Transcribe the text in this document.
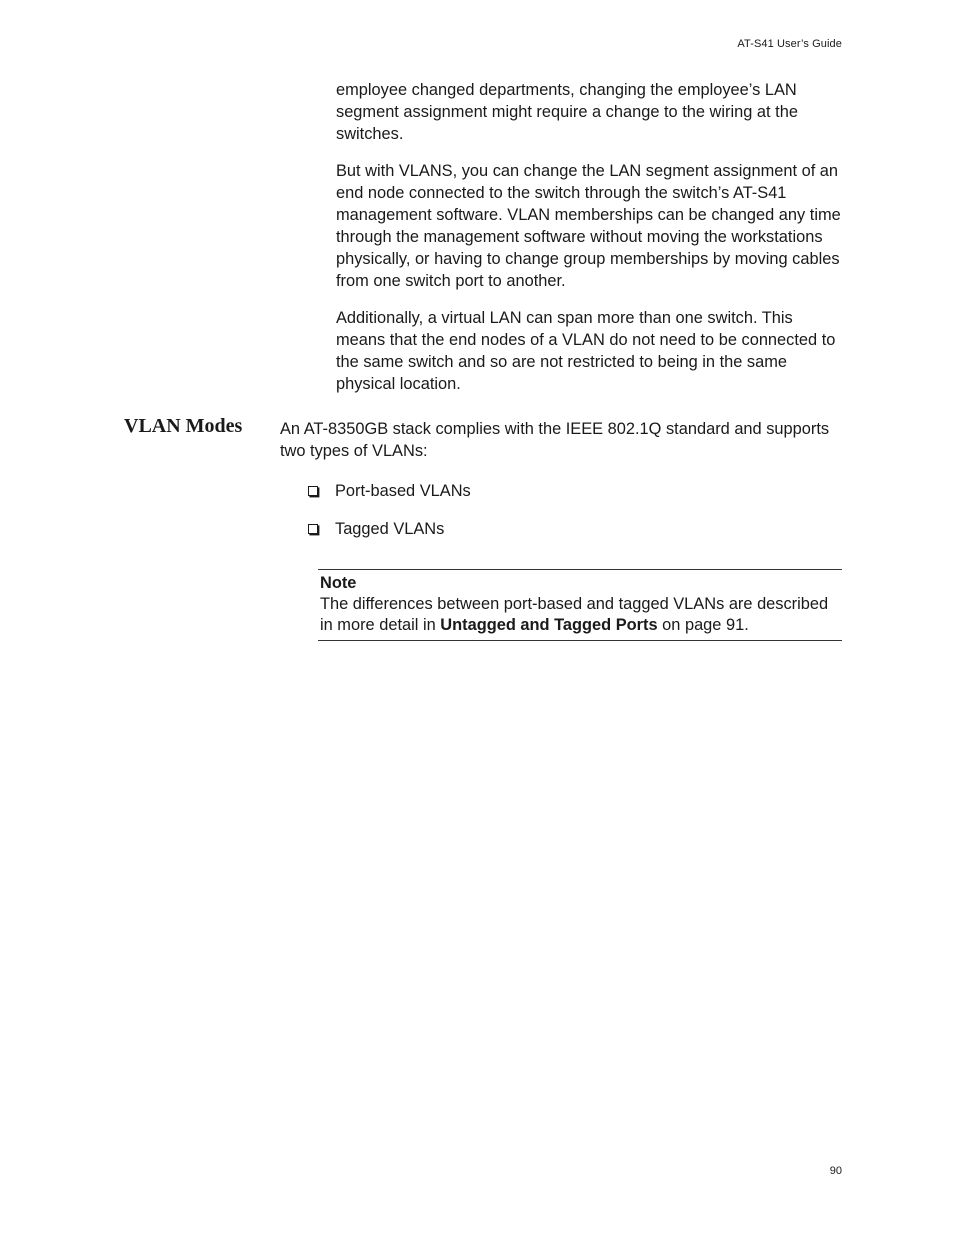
AT-S41 User’s Guide

employee changed departments, changing the employee’s LAN segment assignment might require a change to the wiring at the switches.

But with VLANS, you can change the LAN segment assignment of an end node connected to the switch through the switch’s AT-S41 management software. VLAN memberships can be changed any time through the management software without moving the workstations physically, or having to change group memberships by moving cables from one switch port to another.

Additionally, a virtual LAN can span more than one switch. This means that the end nodes of a VLAN do not need to be connected to the same switch and so are not restricted to being in the same physical location.

VLAN Modes An AT-8350GB stack complies with the IEEE 802.1Q standard and supports two types of VLANs:

Port-based VLANs
Tagged VLANs

Note

The differences between port-based and tagged VLANs are described in more detail in Untagged and Tagged Ports on page 91.

90
